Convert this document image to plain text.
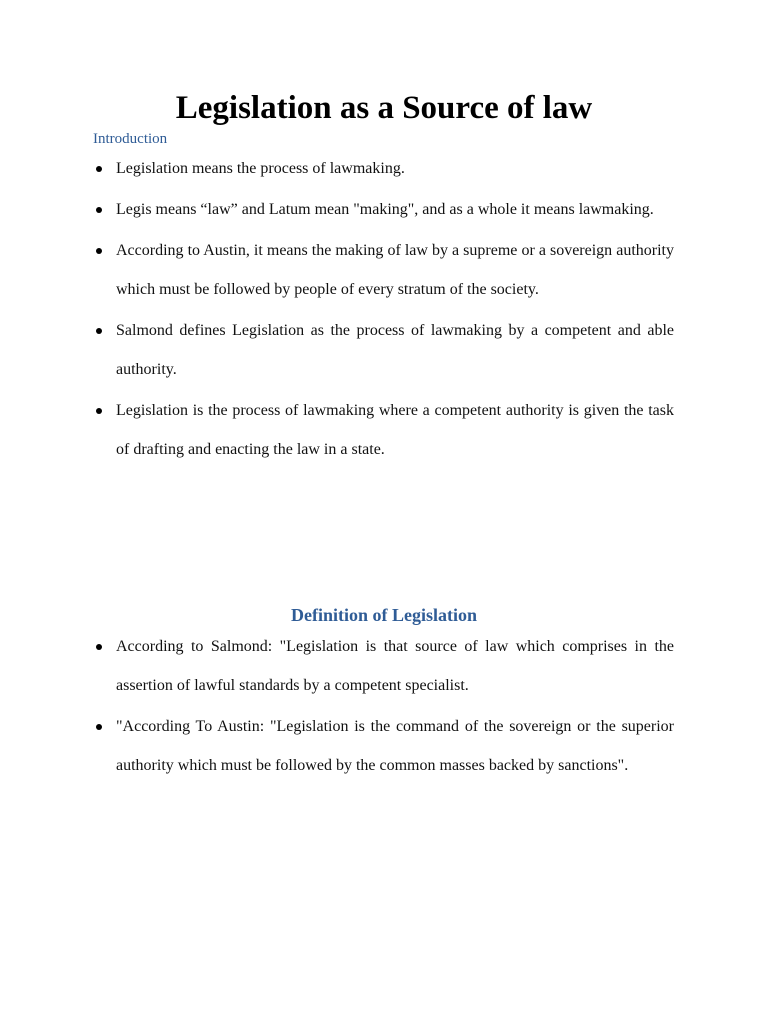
Legislation as a Source of law
Introduction
Legislation means the process of lawmaking.
Legis means “law” and Latum mean "making", and as a whole it means lawmaking.
According to Austin, it means the making of law by a supreme or a sovereign authority which must be followed by people of every stratum of the society.
Salmond defines Legislation as the process of lawmaking by a competent and able authority.
Legislation is the process of lawmaking where a competent authority is given the task of drafting and enacting the law in a state.
Definition of Legislation
According to Salmond: "Legislation is that source of law which comprises in the assertion of lawful standards by a competent specialist.
"According To Austin: "Legislation is the command of the sovereign or the superior authority which must be followed by the common masses backed by sanctions".
